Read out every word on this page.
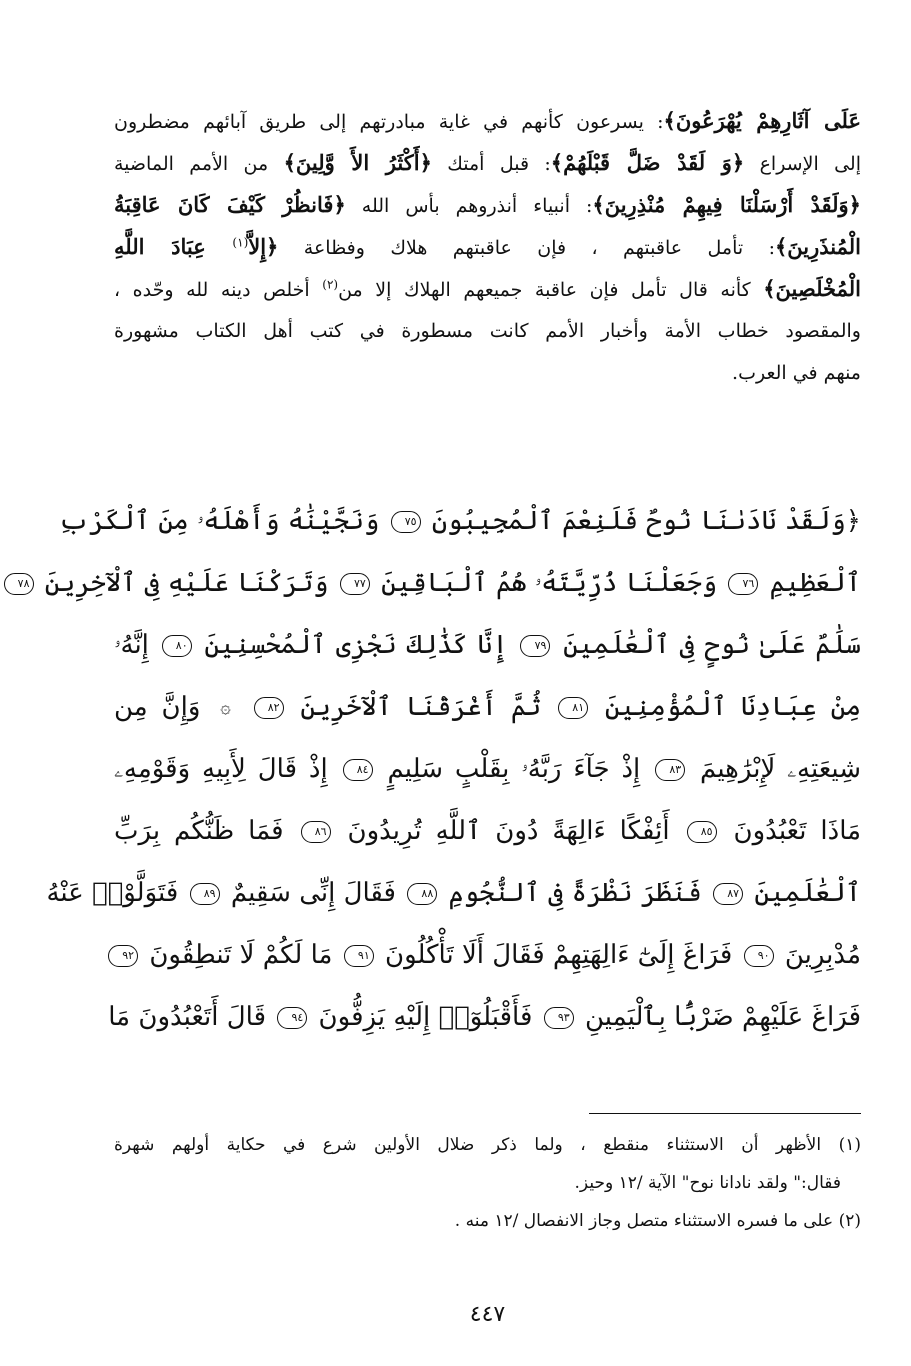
عَلَى آثَارِهِمْ يُهْرَعُونَ﴾: يسرعون كأنهم في غاية مبادرتهم إلى طريق آبائهم مضطرون
إلى الإسراع ﴿وَ لَقَدْ ضَلَّ قَبْلَهُمْ﴾: قبل أمتك ﴿أَكْثَرُ الأَ وَّلِينَ﴾ من الأمم الماضية
﴿وَلَقَدْ أَرْسَلْنَا فِيهِمْ مُنْذِرِينَ﴾: أنبياء أنذروهم بأس الله ﴿فَانظُرْ كَيْفَ كَانَ عَاقِبَةُ
الْمُنذَرِينَ﴾: تأمل عاقبتهم ، فإن عاقبتهم هلاك وفظاعة ﴿إِلاَّ$^{(١)}$ عِبَادَ اللَّهِ
الْمُخْلَصِينَ﴾ كأنه قال تأمل فإن عاقبة جميعهم الهلاك إلا من$^{(٢)}$ أخلص دينه لله وحّده ،
والمقصود خطاب الأمة وأخبار الأمم كانت مسطورة في كتب أهل الكتاب مشهورة
منهم في العرب.
﴿وَلَقَدْ نَادَىٰنَا نُوحٌ فَلَنِعْمَ ٱلْمُجِيبُونَ ٧٥ وَنَجَّيْنَٰهُ وَأَهْلَهُۥ مِنَ ٱلْكَرْبِ
ٱلْعَظِيمِ ٧٦ وَجَعَلْنَا ذُرِّيَّتَهُۥ هُمُ ٱلْبَاقِينَ ٧٧ وَتَرَكْنَا عَلَيْهِ فِى ٱلْآخِرِينَ ٧٨
سَلَٰمٌ عَلَىٰ نُوحٍ فِى ٱلْعَٰلَمِينَ ٧٩ إِنَّا كَذَٰلِكَ نَجْزِى ٱلْمُحْسِنِينَ ٨٠ إِنَّهُۥ
مِنْ عِبَادِنَا ٱلْمُؤْمِنِينَ ٨١ ثُمَّ أَغْرَقْنَا ٱلْآخَرِينَ ٨٢ ۞ وَإِنَّ مِن
شِيعَتِهِۦ لَإِبْرَٰهِيمَ ٨٣ إِذْ جَآءَ رَبَّهُۥ بِقَلْبٍ سَلِيمٍ ٨٤ إِذْ قَالَ لِأَبِيهِ وَقَوْمِهِۦ
مَاذَا تَعْبُدُونَ ٨٥ أَئِفْكًا ءَالِهَةً دُونَ ٱللَّهِ تُرِيدُونَ ٨٦ فَمَا ظَنُّكُم بِرَبِّ
ٱلْعَٰلَمِينَ ٨٧ فَنَظَرَ نَظْرَةً فِى ٱلنُّجُومِ ٨٨ فَقَالَ إِنِّى سَقِيمٌ ٨٩ فَتَوَلَّوْا۟ عَنْهُ
مُدْبِرِينَ ٩٠ فَرَاغَ إِلَىٰٓ ءَالِهَتِهِمْ فَقَالَ أَلَا تَأْكُلُونَ ٩١ مَا لَكُمْ لَا تَنطِقُونَ ٩٢
فَرَاغَ عَلَيْهِمْ ضَرْبًۢا بِٱلْيَمِينِ ٩٣ فَأَقْبَلُوٓا۟ إِلَيْهِ يَزِفُّونَ ٩٤ قَالَ أَتَعْبُدُونَ مَا
(١) الأظهر أن الاستثناء منقطع ، ولما ذكر ضلال الأولين شرع في حكاية أولهم شهرة
فقال:" ولقد نادانا نوح" الآية /١٢ وحيز.
(٢) على ما فسره الاستثناء متصل وجاز الانفصال /١٢ منه .
٤٤٧
